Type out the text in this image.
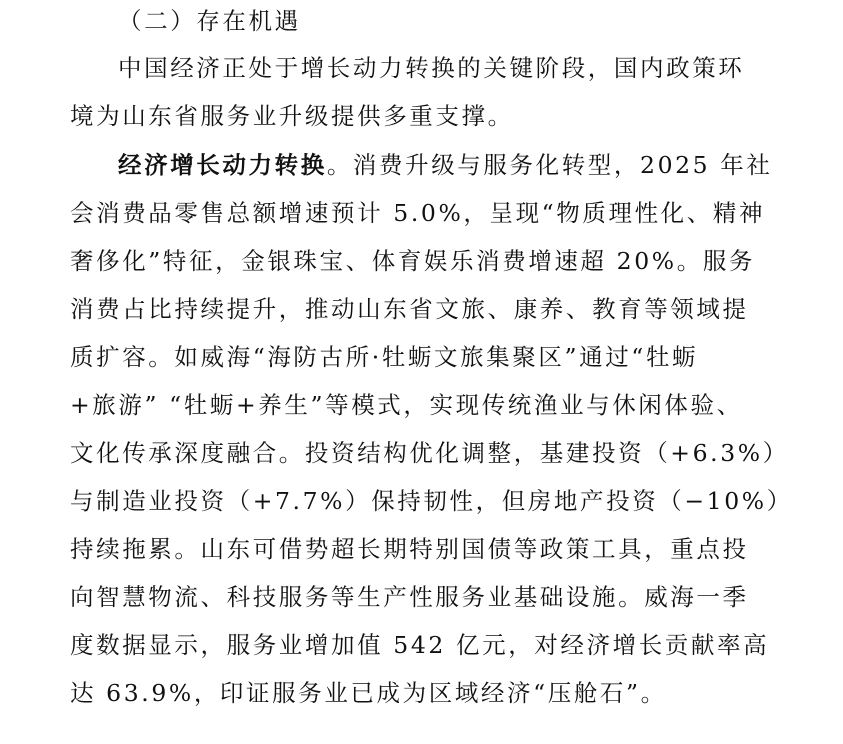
（二）存在机遇
中国经济正处于增长动力转换的关键阶段，国内政策环
境为山东省服务业升级提供多重支撑。
经济增长动力转换。消费升级与服务化转型，2025 年社
会消费品零售总额增速预计 5.0%，呈现“物质理性化、精神
奢侈化”特征，金银珠宝、体育娱乐消费增速超 20%。服务
消费占比持续提升，推动山东省文旅、康养、教育等领域提
质扩容。如威海“海防古所·牡蛎文旅集聚区”通过“牡蛎
+旅游” “牡蛎+养生”等模式，实现传统渔业与休闲体验、
文化传承深度融合。投资结构优化调整，基建投资（+6.3%）
与制造业投资（+7.7%）保持韧性，但房地产投资（−10%）
持续拖累。山东可借势超长期特别国债等政策工具，重点投
向智慧物流、科技服务等生产性服务业基础设施。威海一季
度数据显示，服务业增加值 542 亿元，对经济增长贡献率高
达 63.9%，印证服务业已成为区域经济“压舱石”。
